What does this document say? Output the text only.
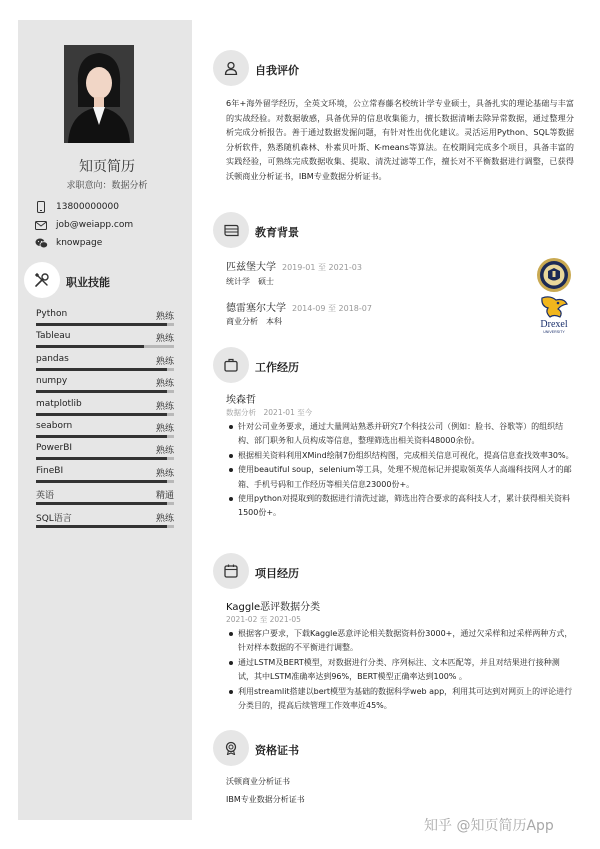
知页简历
求职意向：数据分析
13800000000
job@weiapp.com
knowpage
职业技能
Python	熟练
Tableau	熟练
pandas	熟练
numpy	熟练
matplotlib	熟练
seaborn	熟练
PowerBI	熟练
FineBI	熟练
英语	精通
SQL语言	熟练
自我评价
6年+海外留学经历，全英文环境，公立常春藤名校统计学专业硕士，具备扎实的理论基础与丰富的实战经验。对数据敏感，具备优异的信息收集能力，擅长数据清晰去除异常数据，通过整理分析完成分析报告。善于通过数据发掘问题，有针对性出优化建议。灵活运用Python、SQL等数据分析软件，熟悉随机森林、朴素贝叶斯、K-means等算法。在校期间完成多个项目，具备丰富的实践经验，可熟练完成数据收集、提取、清洗过滤等工作，擅长对不平衡数据进行调整，已获得沃顿商业分析证书，IBM专业数据分析证书。
教育背景
匹兹堡大学 2019-01 至 2021-03
统计学　硕士
德雷塞尔大学 2014-09 至 2018-07
商业分析　本科	Drexel
UNIVERSITY
工作经历
埃森哲
数据分析　 2021-01 至今
针对公司业务要求，通过大量网站熟悉并研究7个科技公司（例如：脸书、谷歌等）的组织结构、部门职务和人员构成等信息，整理筛选出相关资料48000余份。
根据相关资料利用XMind绘制7份组织结构图，完成相关信息可视化，提高信息查找效率30%。
使用beautiful soup，selenium等工具，处理不规范标记并提取领英华人高端科技网人才的邮箱、手机号码和工作经历等相关信息23000份+。
使用python对提取到的数据进行清洗过滤，筛选出符合要求的高科技人才，累计获得相关资料1500份+。
项目经历
Kaggle恶评数据分类
2021-02 至 2021-05
根据客户要求，下载Kaggle恶意评论相关数据资料份3000+，通过欠采样和过采样两种方式，针对样本数据的不平衡进行调整。
通过LSTM及BERT模型，对数据进行分类、序列标注、文本匹配等，并且对结果进行接种测试，其中LSTM准确率达到96%，BERT模型正确率达到100% 。
利用streamlit搭建以bert模型为基础的数据科学web app，利用其可达到对网页上的评论进行分类目的，提高后续管理工作效率近45%。
资格证书
沃顿商业分析证书
IBM专业数据分析证书
知乎 @知页简历App
